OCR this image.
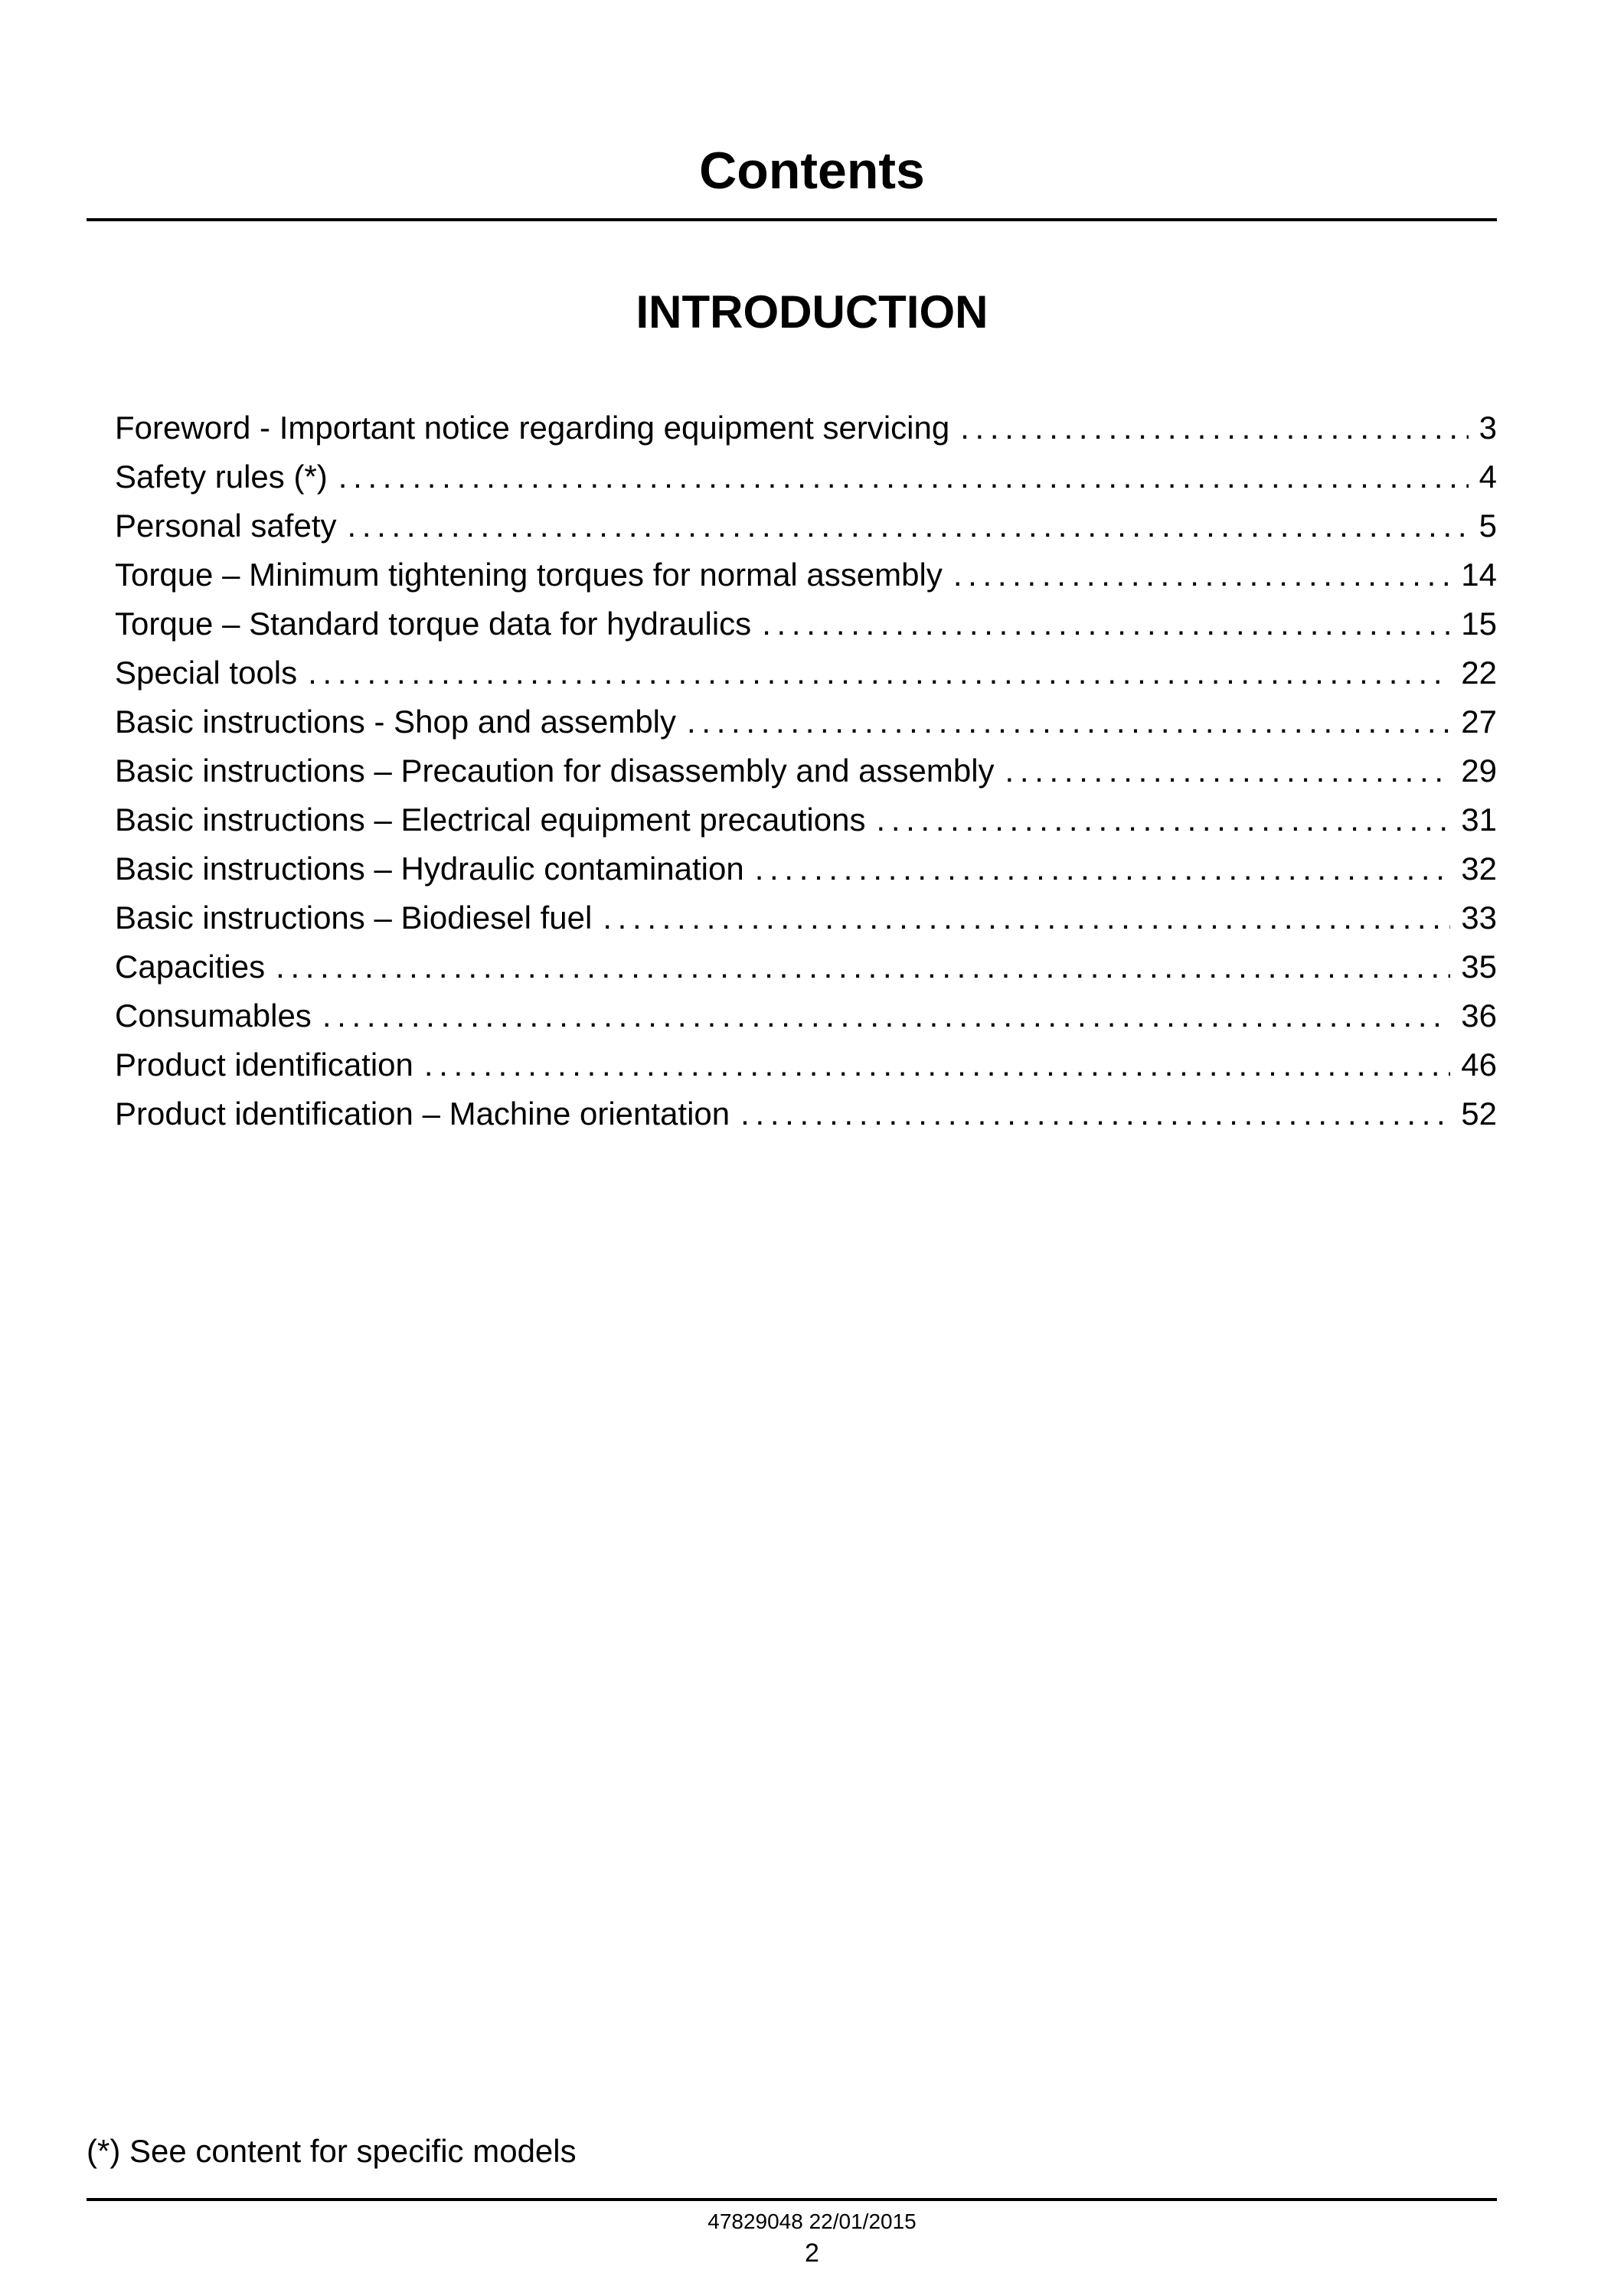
Contents
INTRODUCTION
Foreword - Important notice regarding equipment servicing . . .	3
Safety rules (*) . . .	4
Personal safety . . .	5
Torque – Minimum tightening torques for normal assembly . . .	14
Torque – Standard torque data for hydraulics . . .	15
Special tools . . .	22
Basic instructions - Shop and assembly . . .	27
Basic instructions – Precaution for disassembly and assembly . . .	29
Basic instructions – Electrical equipment precautions . . .	31
Basic instructions – Hydraulic contamination . . .	32
Basic instructions – Biodiesel fuel . . .	33
Capacities . . .	35
Consumables . . .	36
Product identification . . .	46
Product identification – Machine orientation . . .	52
(*) See content for specific models
47829048 22/01/2015
2
